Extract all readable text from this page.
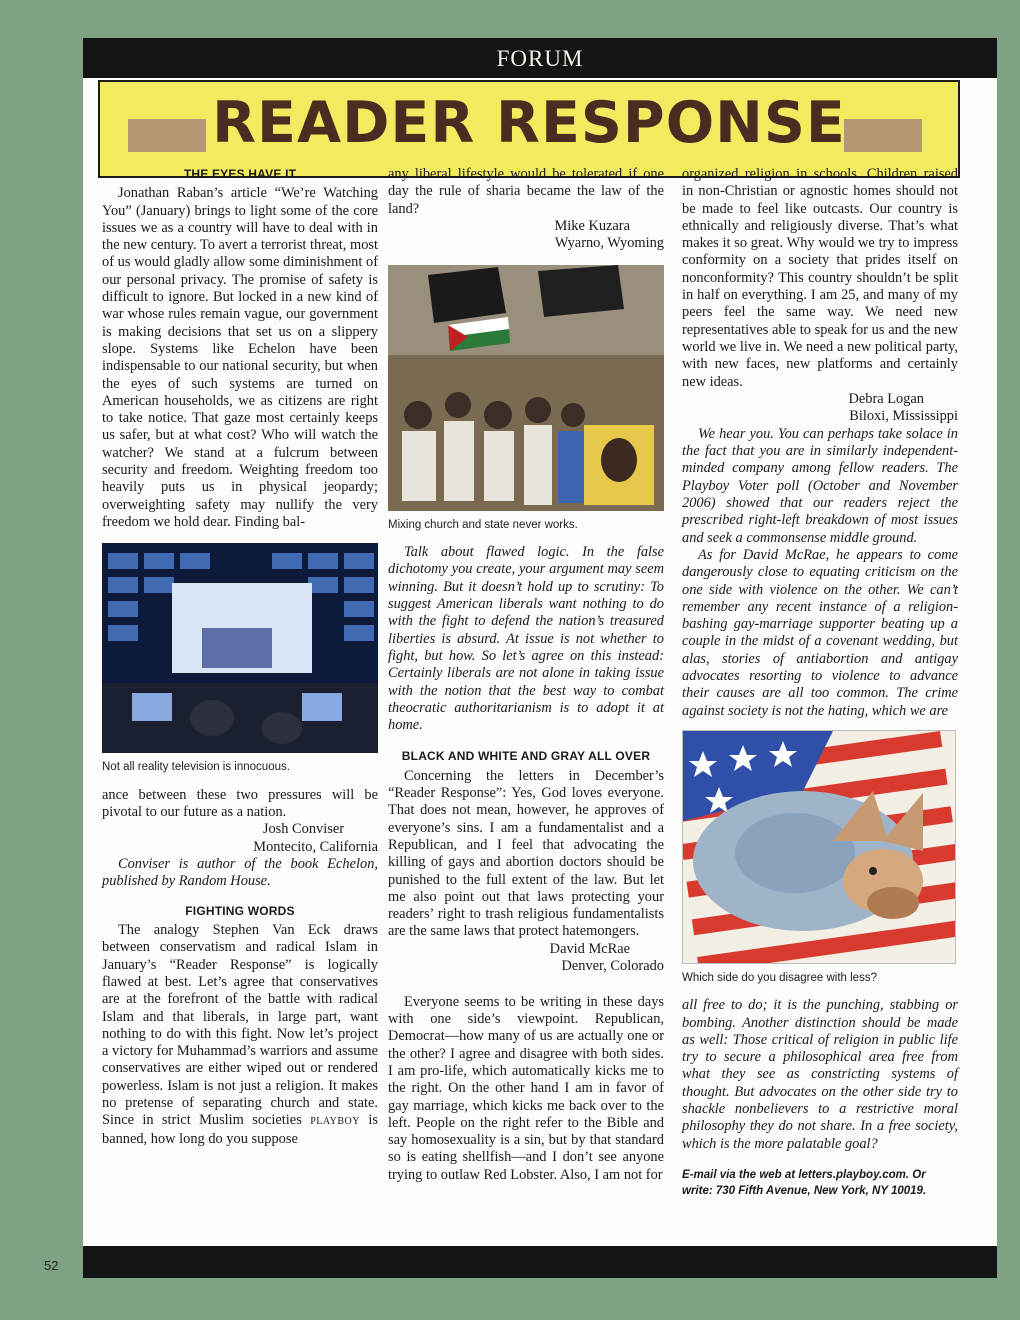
FORUM
READER RESPONSE
52
THE EYES HAVE IT

Jonathan Raban’s article “We’re Watching You” (January) brings to light some of the core issues we as a country will have to deal with in the new century. To avert a terrorist threat, most of us would gladly allow some diminishment of our personal privacy. The promise of safety is difficult to ignore. But locked in a new kind of war whose rules remain vague, our government is making decisions that set us on a slippery slope. Systems like Echelon have been indispensable to our national security, but when the eyes of such systems are turned on American households, we as citizens are right to take notice. That gaze most certainly keeps us safer, but at what cost? Who will watch the watcher? We stand at a fulcrum between security and freedom. Weighting freedom too heavily puts us in physical jeopardy; overweighting safety may nullify the very freedom we hold dear. Finding bal-

Not all reality television is innocuous.

ance between these two pressures will be pivotal to our future as a nation.

Josh Conviser
Montecito, California

Conviser is author of the book Echelon, published by Random House.

FIGHTING WORDS

The analogy Stephen Van Eck draws between conservatism and radical Islam in January’s “Reader Response” is logically flawed at best. Let’s agree that conservatives are at the forefront of the battle with radical Islam and that liberals, in large part, want nothing to do with this fight. Now let’s project a victory for Muhammad’s warriors and assume conservatives are either wiped out or rendered powerless. Islam is not just a religion. It makes no pretense of separating church and state. Since in strict Muslim societies PLAYBOY is banned, how long do you suppose

any liberal lifestyle would be tolerated if one day the rule of sharia became the law of the land?

Mike Kuzara
Wyarno, Wyoming
Mixing church and state never works.

Talk about flawed logic. In the false dichotomy you create, your argument may seem winning. But it doesn’t hold up to scrutiny: To suggest American liberals want nothing to do with the fight to defend the nation’s treasured liberties is absurd. At issue is not whether to fight, but how. So let’s agree on this instead: Certainly liberals are not alone in taking issue with the notion that the best way to combat theocratic authoritarianism is to adopt it at home.

BLACK AND WHITE AND GRAY ALL OVER

Concerning the letters in December’s “Reader Response”: Yes, God loves everyone. That does not mean, however, he approves of everyone’s sins. I am a fundamentalist and a Republican, and I feel that advocating the killing of gays and abortion doctors should be punished to the full extent of the law. But let me also point out that laws protecting your readers’ right to trash religious fundamentalists are the same laws that protect hatemongers.

David McRae
Denver, Colorado

Everyone seems to be writing in these days with one side’s viewpoint. Republican, Democrat—how many of us are actually one or the other? I agree and disagree with both sides. I am pro-life, which automatically kicks me to the right. On the other hand I am in favor of gay marriage, which kicks me back over to the left. People on the right refer to the Bible and say homosexuality is a sin, but by that standard so is eating shellfish—and I don’t see anyone trying to outlaw Red Lobster. Also, I am not for

organized religion in schools. Children raised in non-Christian or agnostic homes should not be made to feel like outcasts. Our country is ethnically and religiously diverse. That’s what makes it so great. Why would we try to impress conformity on a society that prides itself on nonconformity? This country shouldn’t be split in half on everything. I am 25, and many of my peers feel the same way. We need new representatives able to speak for us and the new world we live in. We need a new political party, with new faces, new platforms and certainly new ideas.

Debra Logan
Biloxi, Mississippi

We hear you. You can perhaps take solace in the fact that you are in similarly independent-minded company among fellow readers. The Playboy Voter poll (October and November 2006) showed that our readers reject the prescribed right-left breakdown of most issues and seek a commonsense middle ground.

As for David McRae, he appears to come dangerously close to equating criticism on the one side with violence on the other. We can’t remember any recent instance of a religion-bashing gay-marriage supporter beating up a couple in the midst of a covenant wedding, but alas, stories of antiabortion and antigay advocates resorting to violence to advance their causes are all too common. The crime against society is not the hating, which we are

Which side do you disagree with less?

all free to do; it is the punching, stabbing or bombing. Another distinction should be made as well: Those critical of religion in public life try to secure a philosophical area free from what they see as constricting systems of thought. But advocates on the other side try to shackle nonbelievers to a restrictive moral philosophy they do not share. In a free society, which is the more palatable goal?

E-mail via the web at letters.playboy.com. Or write: 730 Fifth Avenue, New York, NY 10019.
